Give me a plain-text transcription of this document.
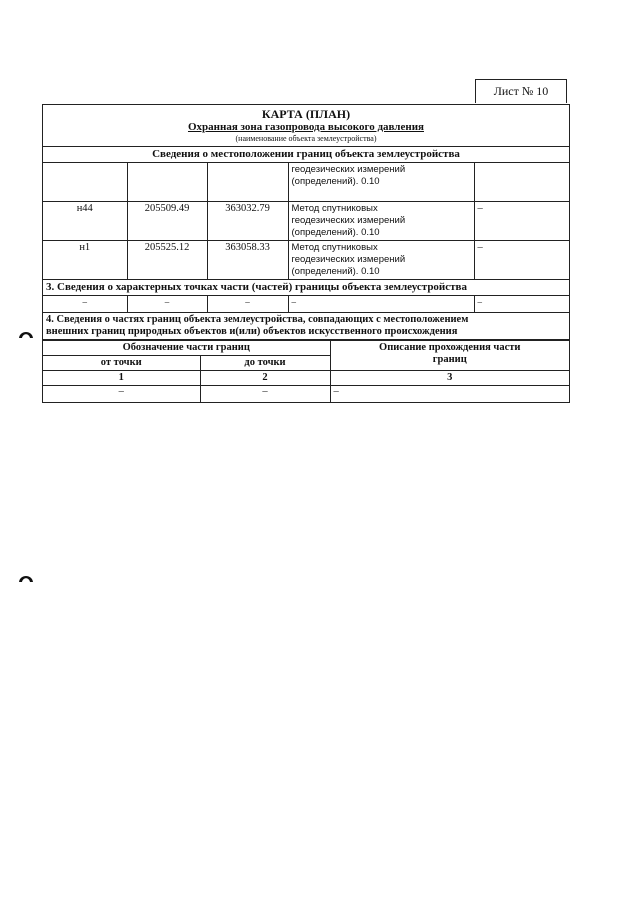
Лист № 10
КАРТА (ПЛАН)
Охранная зона газопровода высокого давления
(наименование объекта землеустройства)
Сведения о местоположении границ объекта землеустройства

			геодезических измерений
(определений). 0.10	

н44	205509.49	363032.79	Метод спутниковых
геодезических измерений
(определений). 0.10	–
н1	205525.12	363058.33	Метод спутниковых
геодезических измерений
(определений). 0.10	–
3. Сведения о характерных точках части (частей) границы объекта землеустройства
–	–	–	–	–
4. Сведения о частях границ объекта землеустройства, совпадающих с местоположением
внешних границ природных объектов и(или) объектов искусственного происхождения
Обозначение части границ		Описание прохождения части
границ

от точки	до точки	
1	2	3
–	–	–
